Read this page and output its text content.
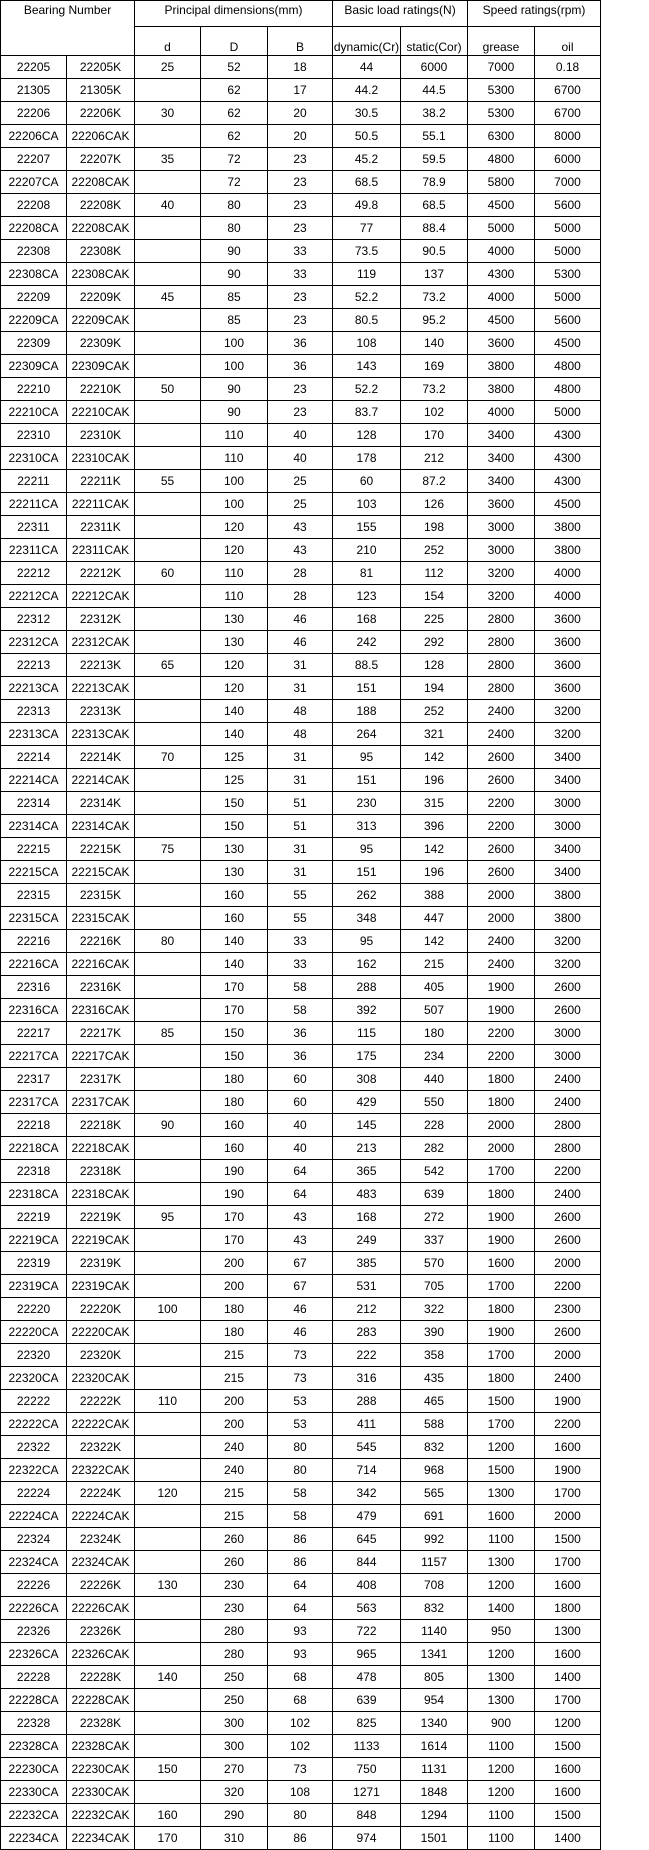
Bearing Number		Principal dimensions(mm)			Basic load ratings(N)		Speed ratings(rpm)	
		d	D	B	dynamic(Cr)	static(Cor)	grease	oil
22205	22205K	25	52	18	44	6000	7000	0.18
21305	21305K		62	17	44.2	44.5	5300	6700
22206	22206K	30	62	20	30.5	38.2	5300	6700
22206CA	22206CAK		62	20	50.5	55.1	6300	8000
22207	22207K	35	72	23	45.2	59.5	4800	6000
22207CA	22208CAK		72	23	68.5	78.9	5800	7000
22208	22208K	40	80	23	49.8	68.5	4500	5600
22208CA	22208CAK		80	23	77	88.4	5000	5000
22308	22308K		90	33	73.5	90.5	4000	5000
22308CA	22308CAK		90	33	119	137	4300	5300
22209	22209K	45	85	23	52.2	73.2	4000	5000
22209CA	22209CAK		85	23	80.5	95.2	4500	5600
22309	22309K		100	36	108	140	3600	4500
22309CA	22309CAK		100	36	143	169	3800	4800
22210	22210K	50	90	23	52.2	73.2	3800	4800
22210CA	22210CAK		90	23	83.7	102	4000	5000
22310	22310K		110	40	128	170	3400	4300
22310CA	22310CAK		110	40	178	212	3400	4300
22211	22211K	55	100	25	60	87.2	3400	4300
22211CA	22211CAK		100	25	103	126	3600	4500
22311	22311K		120	43	155	198	3000	3800
22311CA	22311CAK		120	43	210	252	3000	3800
22212	22212K	60	110	28	81	112	3200	4000
22212CA	22212CAK		110	28	123	154	3200	4000
22312	22312K		130	46	168	225	2800	3600
22312CA	22312CAK		130	46	242	292	2800	3600
22213	22213K	65	120	31	88.5	128	2800	3600
22213CA	22213CAK		120	31	151	194	2800	3600
22313	22313K		140	48	188	252	2400	3200
22313CA	22313CAK		140	48	264	321	2400	3200
22214	22214K	70	125	31	95	142	2600	3400
22214CA	22214CAK		125	31	151	196	2600	3400
22314	22314K		150	51	230	315	2200	3000
22314CA	22314CAK		150	51	313	396	2200	3000
22215	22215K	75	130	31	95	142	2600	3400
22215CA	22215CAK		130	31	151	196	2600	3400
22315	22315K		160	55	262	388	2000	3800
22315CA	22315CAK		160	55	348	447	2000	3800
22216	22216K	80	140	33	95	142	2400	3200
22216CA	22216CAK		140	33	162	215	2400	3200
22316	22316K		170	58	288	405	1900	2600
22316CA	22316CAK		170	58	392	507	1900	2600
22217	22217K	85	150	36	115	180	2200	3000
22217CA	22217CAK		150	36	175	234	2200	3000
22317	22317K		180	60	308	440	1800	2400
22317CA	22317CAK		180	60	429	550	1800	2400
22218	22218K	90	160	40	145	228	2000	2800
22218CA	22218CAK		160	40	213	282	2000	2800
22318	22318K		190	64	365	542	1700	2200
22318CA	22318CAK		190	64	483	639	1800	2400
22219	22219K	95	170	43	168	272	1900	2600
22219CA	22219CAK		170	43	249	337	1900	2600
22319	22319K		200	67	385	570	1600	2000
22319CA	22319CAK		200	67	531	705	1700	2200
22220	22220K	100	180	46	212	322	1800	2300
22220CA	22220CAK		180	46	283	390	1900	2600
22320	22320K		215	73	222	358	1700	2000
22320CA	22320CAK		215	73	316	435	1800	2400
22222	22222K	110	200	53	288	465	1500	1900
22222CA	22222CAK		200	53	411	588	1700	2200
22322	22322K		240	80	545	832	1200	1600
22322CA	22322CAK		240	80	714	968	1500	1900
22224	22224K	120	215	58	342	565	1300	1700
22224CA	22224CAK		215	58	479	691	1600	2000
22324	22324K		260	86	645	992	1100	1500
22324CA	22324CAK		260	86	844	1157	1300	1700
22226	22226K	130	230	64	408	708	1200	1600
22226CA	22226CAK		230	64	563	832	1400	1800
22326	22326K		280	93	722	1140	950	1300
22326CA	22326CAK		280	93	965	1341	1200	1600
22228	22228K	140	250	68	478	805	1300	1400
22228CA	22228CAK		250	68	639	954	1300	1700
22328	22328K		300	102	825	1340	900	1200
22328CA	22328CAK		300	102	1133	1614	1100	1500
22230CA	22230CAK	150	270	73	750	1131	1200	1600
22330CA	22330CAK		320	108	1271	1848	1200	1600
22232CA	22232CAK	160	290	80	848	1294	1100	1500
22234CA	22234CAK	170	310	86	974	1501	1100	1400
